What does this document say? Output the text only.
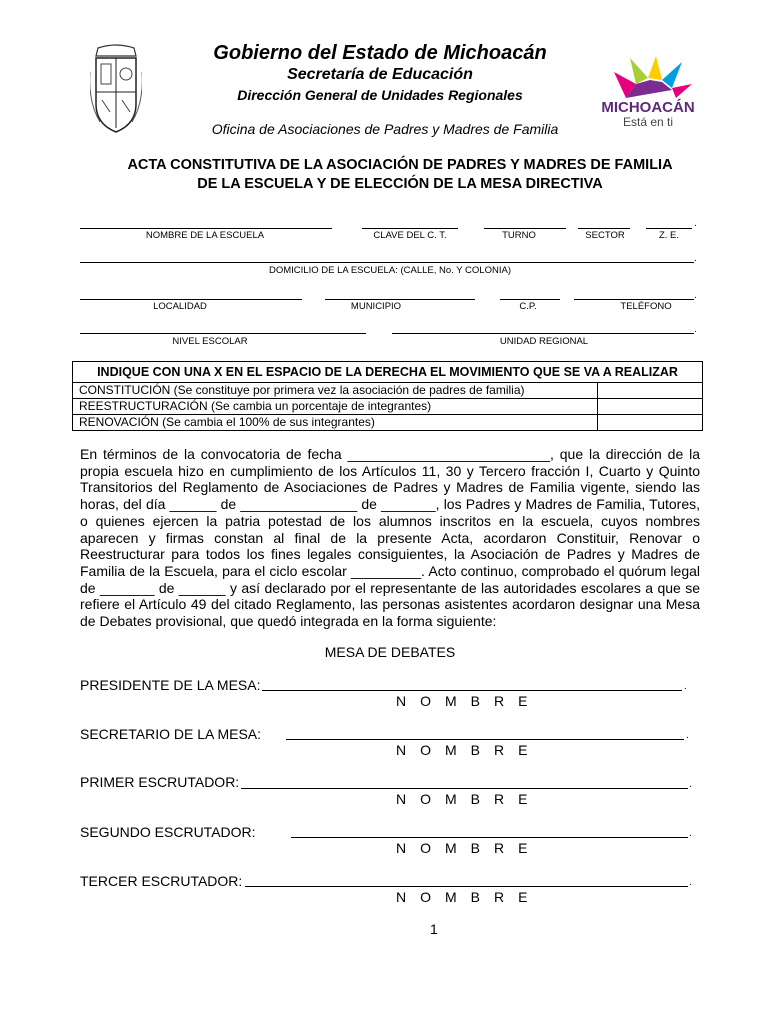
MICHOACÁN
Está en ti
Gobierno del Estado de Michoacán
Secretaría de Educación
Dirección General de Unidades Regionales
Oficina de Asociaciones de Padres y Madres de Familia
ACTA CONSTITUTIVA DE LA ASOCIACIÓN DE PADRES Y MADRES DE FAMILIA
DE LA ESCUELA Y DE ELECCIÓN DE LA MESA DIRECTIVA
.
NOMBRE DE LA ESCUELA	CLAVE DEL C. T.	TURNO	SECTOR	Z. E.
.
DOMICILIO DE LA ESCUELA: (CALLE, No. Y COLONIA)
.
LOCALIDAD	MUNICIPIO	C.P.	TELÉFONO
.
NIVEL ESCOLAR	UNIDAD REGIONAL
INDIQUE CON UNA X EN EL ESPACIO DE LA DERECHA EL MOVIMIENTO QUE SE VA A REALIZAR	
CONSTITUCIÓN (Se constituye por primera vez la asociación de padres de familia)	
REESTRUCTURACIÓN (Se cambia un porcentaje de integrantes)	
RENOVACIÓN (Se cambia el 100% de sus integrantes)	
En términos de la convocatoria de fecha __________________________, que la dirección de la propia escuela hizo en cumplimiento de los Artículos 11, 30 y Tercero fracción I, Cuarto y Quinto Transitorios del Reglamento de Asociaciones de Padres y Madres de Familia vigente, siendo las horas, del día ______ de _______________ de _______, los Padres y Madres de Familia, Tutores, o quienes ejercen la patria potestad de los alumnos inscritos en la escuela, cuyos nombres aparecen y firmas constan al final de la presente Acta, acordaron Constituir, Renovar o Reestructurar para todos los fines legales consiguientes, la Asociación de Padres y Madres de Familia de la Escuela, para el ciclo escolar _________. Acto continuo, comprobado el quórum legal de _______ de ______ y así declarado por el representante de las autoridades escolares a que se refiere el Artículo 49 del citado Reglamento, las personas asistentes acordaron designar una Mesa de Debates provisional, que quedó integrada en la forma siguiente:
MESA DE DEBATES
PRESIDENTE DE LA MESA:	.
NOMBRE
SECRETARIO DE LA MESA:	.
NOMBRE
PRIMER ESCRUTADOR:	.
NOMBRE
SEGUNDO ESCRUTADOR:	.
NOMBRE
TERCER ESCRUTADOR:	.
NOMBRE
1
